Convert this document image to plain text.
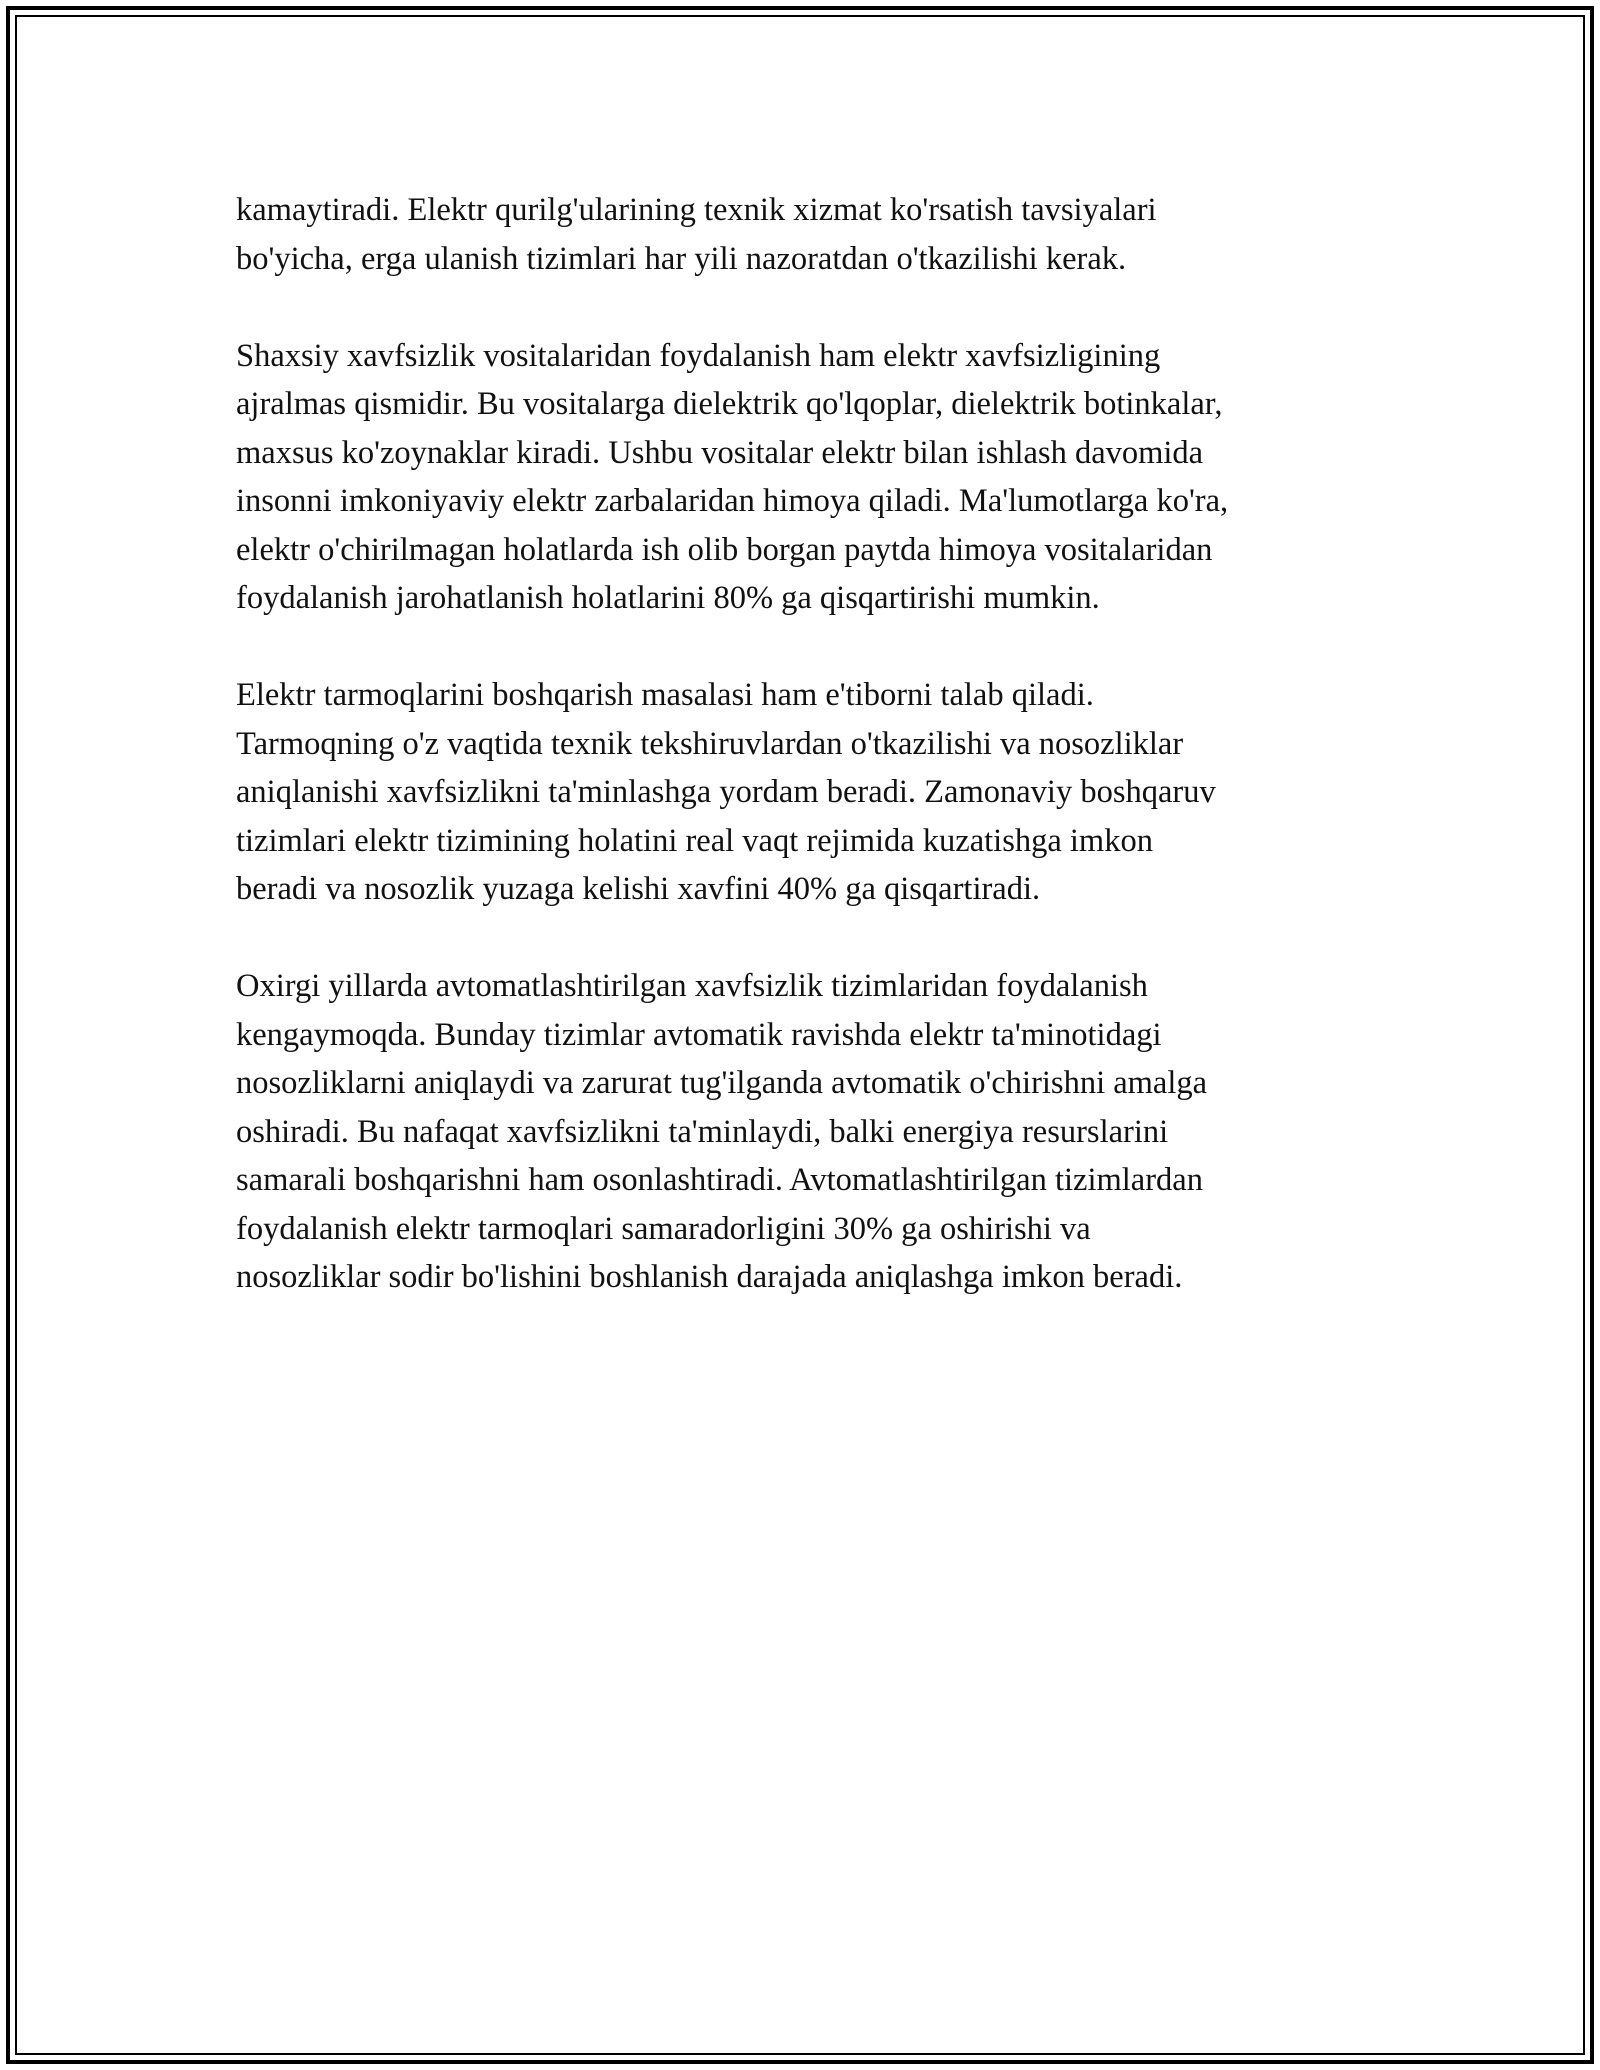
kamaytiradi. Elektr qurilg'ularining texnik xizmat ko'rsatish tavsiyalari
bo'yicha, erga ulanish tizimlari har yili nazoratdan o'tkazilishi kerak.

Shaxsiy xavfsizlik vositalaridan foydalanish ham elektr xavfsizligining
ajralmas qismidir. Bu vositalarga dielektrik qo'lqoplar, dielektrik botinkalar,
maxsus ko'zoynaklar kiradi. Ushbu vositalar elektr bilan ishlash davomida
insonni imkoniyaviy elektr zarbalaridan himoya qiladi. Ma'lumotlarga ko'ra,
elektr o'chirilmagan holatlarda ish olib borgan paytda himoya vositalaridan
foydalanish jarohatlanish holatlarini 80% ga qisqartirishi mumkin.

Elektr tarmoqlarini boshqarish masalasi ham e'tiborni talab qiladi.
Tarmoqning o'z vaqtida texnik tekshiruvlardan o'tkazilishi va nosozliklar
aniqlanishi xavfsizlikni ta'minlashga yordam beradi. Zamonaviy boshqaruv
tizimlari elektr tizimining holatini real vaqt rejimida kuzatishga imkon
beradi va nosozlik yuzaga kelishi xavfini 40% ga qisqartiradi.

Oxirgi yillarda avtomatlashtirilgan xavfsizlik tizimlaridan foydalanish
kengaymoqda. Bunday tizimlar avtomatik ravishda elektr ta'minotidagi
nosozliklarni aniqlaydi va zarurat tug'ilganda avtomatik o'chirishni amalga
oshiradi. Bu nafaqat xavfsizlikni ta'minlaydi, balki energiya resurslarini
samarali boshqarishni ham osonlashtiradi. Avtomatlashtirilgan tizimlardan
foydalanish elektr tarmoqlari samaradorligini 30% ga oshirishi va
nosozliklar sodir bo'lishini boshlanish darajada aniqlashga imkon beradi.
